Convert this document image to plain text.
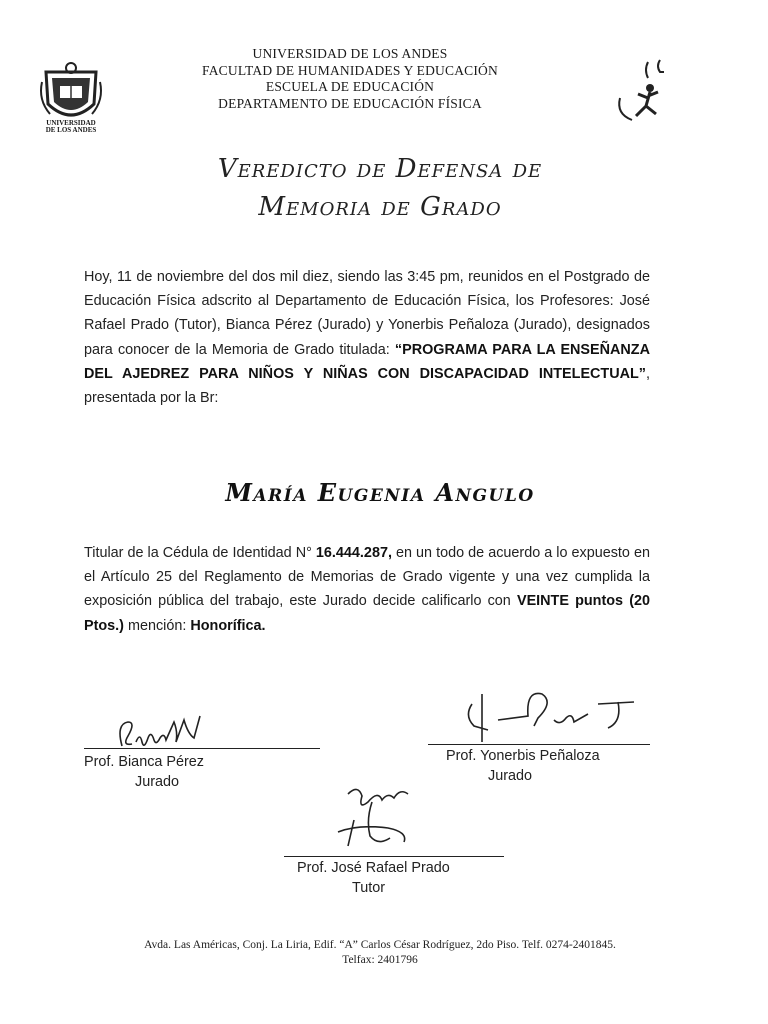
UNIVERSIDAD
DE LOS ANDES
UNIVERSIDAD DE LOS ANDES
FACULTAD DE HUMANIDADES Y EDUCACIÓN
ESCUELA DE EDUCACIÓN
DEPARTAMENTO DE EDUCACIÓN FÍSICA
Veredicto de Defensa de
Memoria de Grado
Hoy, 11 de noviembre del dos mil diez, siendo las 3:45 pm, reunidos en el Postgrado de Educación Física adscrito al Departamento de Educación Física, los Profesores: José Rafael Prado (Tutor), Bianca Pérez (Jurado) y Yonerbis Peñaloza (Jurado), designados para conocer de la Memoria de Grado titulada: “PROGRAMA PARA LA ENSEÑANZA DEL AJEDREZ PARA NIÑOS Y NIÑAS CON DISCAPACIDAD INTELECTUAL”, presentada por la Br:
María Eugenia Angulo
Titular de la Cédula de Identidad N° 16.444.287, en un todo de acuerdo a lo expuesto en el Artículo 25 del Reglamento de Memorias de Grado vigente y una vez cumplida la exposición pública del trabajo, este Jurado decide calificarlo con VEINTE puntos (20 Ptos.) mención: Honorífica.
Prof. Bianca Pérez
Jurado
Prof. Yonerbis Peñaloza
Jurado
Prof. José Rafael Prado
Tutor
Avda. Las Américas, Conj. La Liria, Edif. “A” Carlos César Rodríguez, 2do Piso. Telf. 0274-2401845.
Telfax: 2401796
